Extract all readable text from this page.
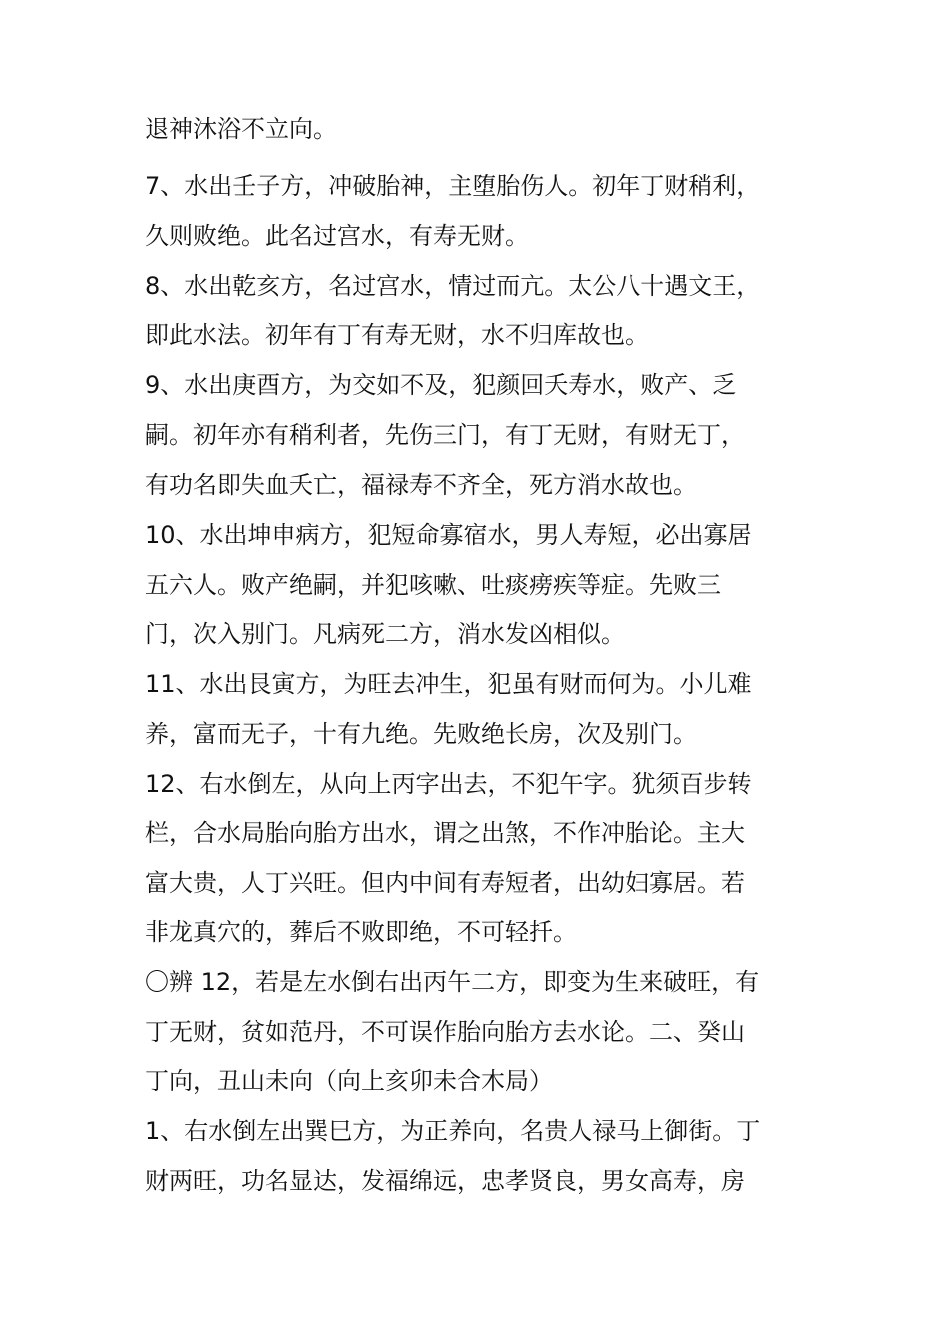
退神沐浴不立向。
7、水出壬子方，冲破胎神，主堕胎伤人。初年丁财稍利，
久则败绝。此名过宫水，有寿无财。
8、水出乾亥方，名过宫水，情过而亢。太公八十遇文王，
即此水法。初年有丁有寿无财，水不归库故也。
9、水出庚酉方，为交如不及，犯颜回夭寿水，败产、乏
嗣。初年亦有稍利者，先伤三门，有丁无财，有财无丁，
有功名即失血夭亡，福禄寿不齐全，死方消水故也。
10、水出坤申病方，犯短命寡宿水，男人寿短，必出寡居
五六人。败产绝嗣，并犯咳嗽、吐痰痨疾等症。先败三
门，次入别门。凡病死二方，消水发凶相似。
11、水出艮寅方，为旺去冲生，犯虽有财而何为。小儿难
养，富而无子，十有九绝。先败绝长房，次及别门。
12、右水倒左，从向上丙字出去，不犯午字。犹须百步转
栏，合水局胎向胎方出水，谓之出煞，不作冲胎论。主大
富大贵，人丁兴旺。但内中间有寿短者，出幼妇寡居。若
非龙真穴的，葬后不败即绝，不可轻扦。
〇辨 12，若是左水倒右出丙午二方，即变为生来破旺，有
丁无财，贫如范丹，不可误作胎向胎方去水论。二、癸山
丁向，丑山未向（向上亥卯未合木局）
1、右水倒左出巽巳方，为正养向，名贵人禄马上御街。丁
财两旺，功名显达，发福绵远，忠孝贤良，男女高寿，房
